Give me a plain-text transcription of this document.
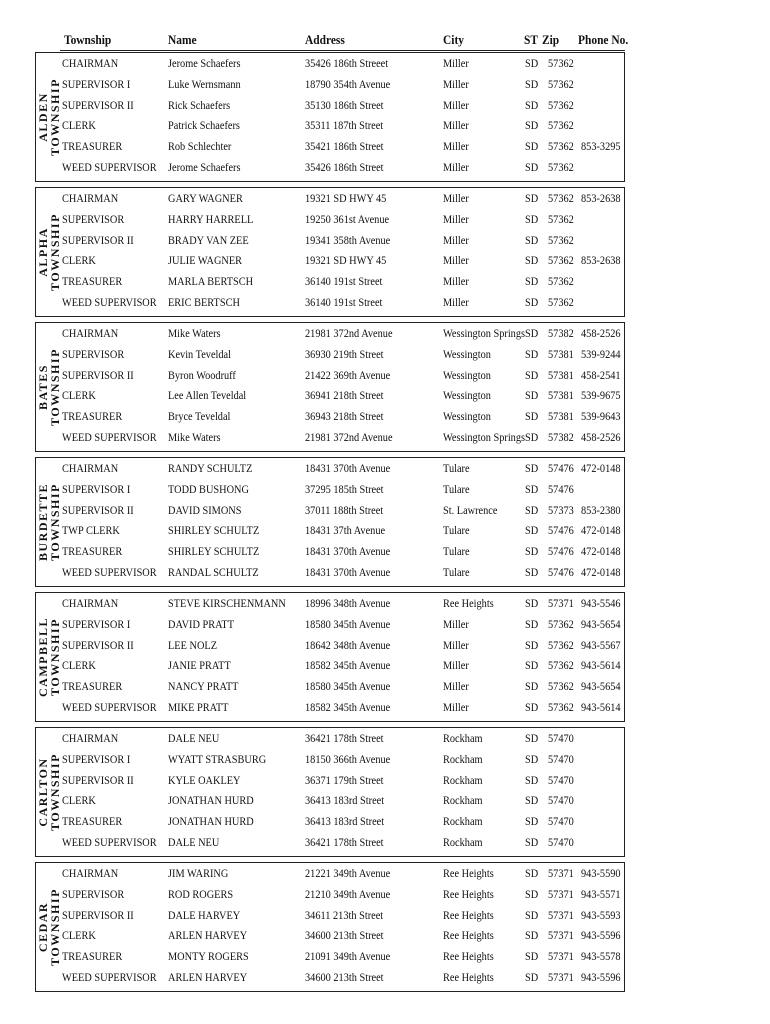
Township	Name	Address	City	ST Zip Phone No.
ALDEN
TOWNSHIP
CHAIRMAN	Jerome Schaefers	35426 186th Streeet	Miller	SD 57362
SUPERVISOR I	Luke Wernsmann	18790 354th Avenue	Miller	SD 57362
SUPERVISOR II	Rick Schaefers	35130 186th Street	Miller	SD 57362
CLERK	Patrick Schaefers	35311 187th Street	Miller	SD 57362
TREASURER	Rob Schlechter	35421 186th Street	Miller	SD 57362 853-3295
WEED SUPERVISOR Jerome Schaefers	35426 186th Street	Miller	SD 57362
ALPHA
TOWNSHIP
CHAIRMAN	GARY WAGNER	19321 SD HWY 45	Miller	SD 57362 853-2638
SUPERVISOR	HARRY HARRELL	19250 361st Avenue	Miller	SD 57362
SUPERVISOR II	BRADY VAN ZEE	19341 358th Avenue	Miller	SD 57362
CLERK	JULIE WAGNER	19321 SD HWY 45	Miller	SD 57362 853-2638
TREASURER	MARLA BERTSCH	36140 191st Street	Miller	SD 57362
WEED SUPERVISOR ERIC BERTSCH	36140 191st Street	Miller	SD 57362
BATES
TOWNSHIP
CHAIRMAN	Mike Waters	21981 372nd Avenue	Wessington Springs SD 57382 458-2526
SUPERVISOR	Kevin Teveldal	36930 219th Street	Wessington	SD 57381 539-9244
SUPERVISOR II	Byron Woodruff	21422 369th Avenue	Wessington	SD 57381 458-2541
CLERK	Lee Allen Teveldal	36941 218th Street	Wessington	SD 57381 539-9675
TREASURER	Bryce Teveldal	36943 218th Street	Wessington	SD 57381 539-9643
WEED SUPERVISOR Mike Waters	21981 372nd Avenue	Wessington Springs SD 57382 458-2526
BURDETTE
TOWNSHIP
CHAIRMAN	RANDY SCHULTZ	18431 370th Avenue	Tulare	SD 57476 472-0148
SUPERVISOR I	TODD BUSHONG	37295 185th Street	Tulare	SD 57476
SUPERVISOR II	DAVID SIMONS	37011 188th Street	St. Lawrence SD 57373 853-2380
TWP CLERK	SHIRLEY SCHULTZ	18431 37th Avenue	Tulare	SD 57476 472-0148
TREASURER	SHIRLEY SCHULTZ	18431 370th Avenue	Tulare	SD 57476 472-0148
WEED SUPERVISOR RANDAL SCHULTZ	18431 370th Avenue	Tulare	SD 57476 472-0148
CAMPBELL
TOWNSHIP
CHAIRMAN	STEVE KIRSCHENMANN 18996 348th Avenue	Ree Heights	SD 57371 943-5546
SUPERVISOR I	DAVID PRATT	18580 345th Avenue	Miller	SD 57362 943-5654
SUPERVISOR II	LEE NOLZ	18642 348th Avenue	Miller	SD 57362 943-5567
CLERK	JANIE PRATT	18582 345th Avenue	Miller	SD 57362 943-5614
TREASURER	NANCY PRATT	18580 345th Avenue	Miller	SD 57362 943-5654
WEED SUPERVISOR MIKE PRATT	18582 345th Avenue	Miller	SD 57362 943-5614
CARLTON
TOWNSHIP
CHAIRMAN	DALE NEU	36421 178th Street	Rockham	SD 57470
SUPERVISOR I	WYATT STRASBURG	18150 366th Avenue	Rockham	SD 57470
SUPERVISOR II	KYLE OAKLEY	36371 179th Street	Rockham	SD 57470
CLERK	JONATHAN HURD	36413 183rd Street	Rockham	SD 57470
TREASURER	JONATHAN HURD	36413 183rd Street	Rockham	SD 57470
WEED SUPERVISOR DALE NEU	36421 178th Street	Rockham	SD 57470
CEDAR
TOWNSHIP
CHAIRMAN	JIM WARING	21221 349th Avenue	Ree Heights	SD 57371 943-5590
SUPERVISOR	ROD ROGERS	21210 349th Avenue	Ree Heights	SD 57371 943-5571
SUPERVISOR II	DALE HARVEY	34611 213th Street	Ree Heights	SD 57371 943-5593
CLERK	ARLEN HARVEY	34600 213th Street	Ree Heights	SD 57371 943-5596
TREASURER	MONTY ROGERS	21091 349th Avenue	Ree Heights	SD 57371 943-5578
WEED SUPERVISOR ARLEN HARVEY	34600 213th Street	Ree Heights	SD 57371 943-5596
